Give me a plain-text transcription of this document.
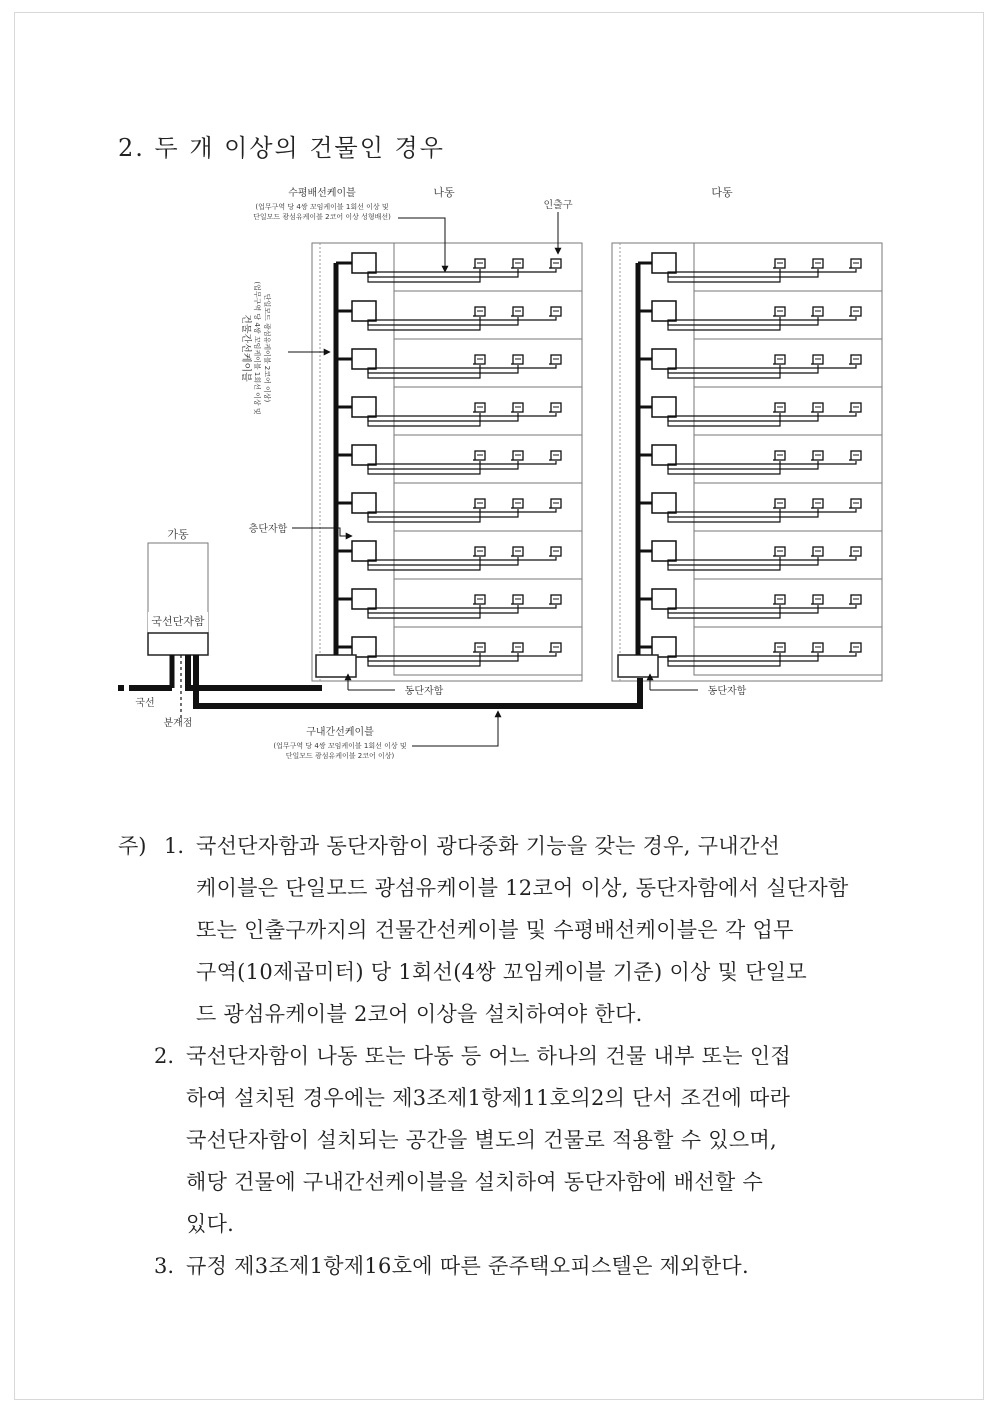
2. 두 개 이상의 건물인 경우
국선단자함
가동
국선
분계점
수평배선케이블
(업무구역 당 4쌍 꼬임케이블 1회선 이상 및
단일모드 광섬유케이블 2코어 이상 성형배선)
나동	다동
인출구
건물간선케이블 (업무구역 당 4쌍 꼬임케이블 1회선 이상 및 단일모드 광섬유케이블 2코어 이상)
층단자함
동단자함	동단자함
구내간선케이블
(업무구역 당 4쌍 꼬임케이블 1회선 이상 및
단일모드 광섬유케이블 2코어 이상)
주) 1. 국선단자함과 동단자함이 광다중화 기능을 갖는 경우, 구내간선
케이블은 단일모드 광섬유케이블 12코어 이상, 동단자함에서 실단자함
또는 인출구까지의 건물간선케이블 및 수평배선케이블은 각 업무
구역(10제곱미터) 당 1회선(4쌍 꼬임케이블 기준) 이상 및 단일모
드 광섬유케이블 2코어 이상을 설치하여야 한다.
2. 국선단자함이 나동 또는 다동 등 어느 하나의 건물 내부 또는 인접
하여 설치된 경우에는 제3조제1항제11호의2의 단서 조건에 따라
국선단자함이 설치되는 공간을 별도의 건물로 적용할 수 있으며,
해당 건물에 구내간선케이블을 설치하여 동단자함에 배선할 수
있다.
3. 규정 제3조제1항제16호에 따른 준주택오피스텔은 제외한다.
